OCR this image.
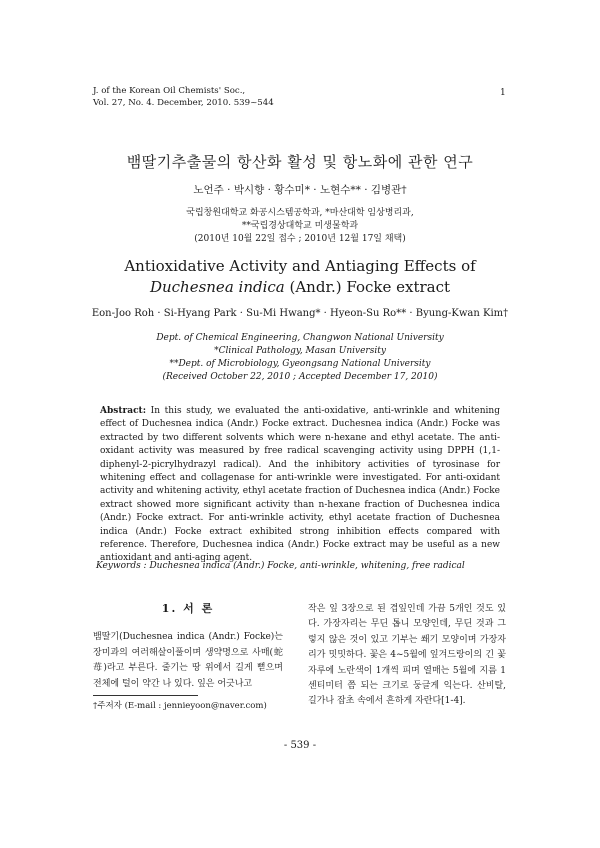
J. of the Korean Oil Chemists' Soc.,
Vol. 27, No. 4. December, 2010. 539~544
1
뱀딸기추출물의 항산화 활성 및 항노화에 관한 연구
노언주 · 박시향 · 황수미* · 노현수** · 김병관†
국립창원대학교 화공시스템공학과, *마산대학 임상병리과,
**국립경상대학교 미생물학과
(2010년 10월 22일 접수 ; 2010년 12월 17일 채택)
Antioxidative Activity and Antiaging Effects of
Duchesnea indica (Andr.) Focke extract
Eon-Joo Roh · Si-Hyang Park · Su-Mi Hwang* · Hyeon-Su Ro** · Byung-Kwan Kim†
Dept. of Chemical Engineering, Changwon National University
*Clinical Pathology, Masan University
**Dept. of Microbiology, Gyeongsang National University
(Received October 22, 2010 ; Accepted December 17, 2010)
Abstract: In this study, we evaluated the anti-oxidative, anti-wrinkle and whitening effect of Duchesnea indica (Andr.) Focke extract. Duchesnea indica (Andr.) Focke was extracted by two different solvents which were n-hexane and ethyl acetate. The anti-oxidant activity was measured by free radical scavenging activity using DPPH (1,1-diphenyl-2-picrylhydrazyl radical). And the inhibitory activities of tyrosinase for whitening effect and collagenase for anti-wrinkle were investigated. For anti-oxidant activity and whitening activity, ethyl acetate fraction of Duchesnea indica (Andr.) Focke extract showed more significant activity than n-hexane fraction of Duchesnea indica (Andr.) Focke extract. For anti-wrinkle activity, ethyl acetate fraction of Duchesnea indica (Andr.) Focke extract exhibited strong inhibition effects compared with reference. Therefore, Duchesnea indica (Andr.) Focke extract may be useful as a new antioxidant and anti-aging agent.
Keywords : Duchesnea indica (Andr.) Focke, anti-wrinkle, whitening, free radical
1. 서 론
뱀딸기(Duchesnea indica (Andr.) Focke)는 장미과의 여러해살이풀이며 생약명으로 사매(蛇苺)라고 부른다. 줄기는 땅 위에서 길게 뻗으며 전체에 털이 약간 나 있다. 잎은 어긋나고
작은 잎 3장으로 된 겹잎인데 가끔 5개인 것도 있다. 가장자리는 무딘 톱니 모양인데, 무딘 것과 그렇지 않은 것이 있고 기부는 쐐기 모양이며 가장자리가 밋밋하다. 꽃은 4~5월에 잎겨드랑이의 긴 꽃자루에 노란색이 1개씩 피며 열매는 5월에 지름 1센티미터 쯤 되는 크기로 둥글게 익는다. 산비탈, 길가나 잡초 속에서 흔하게 자란다[1-4].
†주저자 (E-mail : jennieyoon@naver.com)
- 539 -
